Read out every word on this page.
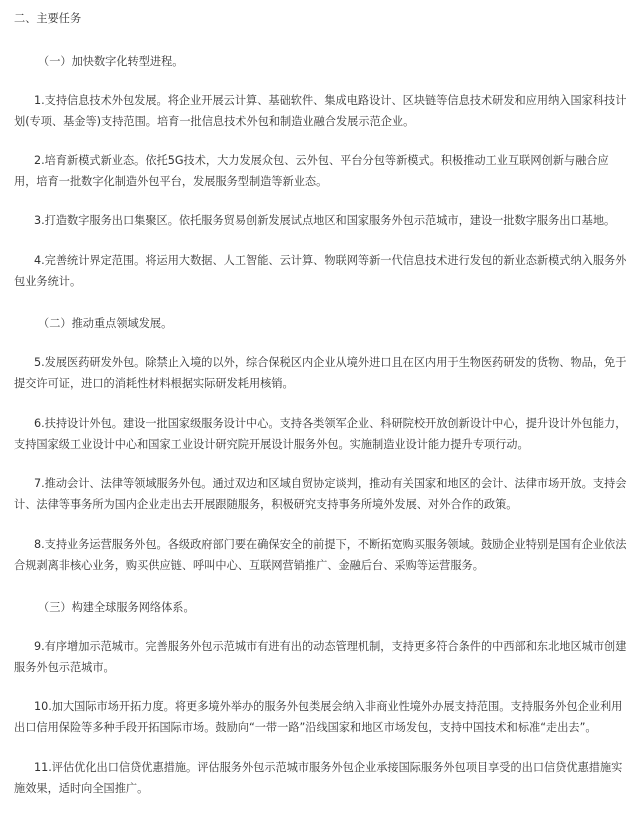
二、主要任务
（一）加快数字化转型进程。
1.支持信息技术外包发展。将企业开展云计算、基础软件、集成电路设计、区块链等信息技术研发和应用纳入国家科技计划(专项、基金等)支持范围。培育一批信息技术外包和制造业融合发展示范企业。
2.培育新模式新业态。依托5G技术，大力发展众包、云外包、平台分包等新模式。积极推动工业互联网创新与融合应用，培育一批数字化制造外包平台，发展服务型制造等新业态。
3.打造数字服务出口集聚区。依托服务贸易创新发展试点地区和国家服务外包示范城市，建设一批数字服务出口基地。
4.完善统计界定范围。将运用大数据、人工智能、云计算、物联网等新一代信息技术进行发包的新业态新模式纳入服务外包业务统计。
（二）推动重点领域发展。
5.发展医药研发外包。除禁止入境的以外，综合保税区内企业从境外进口且在区内用于生物医药研发的货物、物品，免于提交许可证，进口的消耗性材料根据实际研发耗用核销。
6.扶持设计外包。建设一批国家级服务设计中心。支持各类领军企业、科研院校开放创新设计中心，提升设计外包能力，支持国家级工业设计中心和国家工业设计研究院开展设计服务外包。实施制造业设计能力提升专项行动。
7.推动会计、法律等领域服务外包。通过双边和区域自贸协定谈判，推动有关国家和地区的会计、法律市场开放。支持会计、法律等事务所为国内企业走出去开展跟随服务，积极研究支持事务所境外发展、对外合作的政策。
8.支持业务运营服务外包。各级政府部门要在确保安全的前提下，不断拓宽购买服务领域。鼓励企业特别是国有企业依法合规剥离非核心业务，购买供应链、呼叫中心、互联网营销推广、金融后台、采购等运营服务。
（三）构建全球服务网络体系。
9.有序增加示范城市。完善服务外包示范城市有进有出的动态管理机制，支持更多符合条件的中西部和东北地区城市创建服务外包示范城市。
10.加大国际市场开拓力度。将更多境外举办的服务外包类展会纳入非商业性境外办展支持范围。支持服务外包企业利用出口信用保险等多种手段开拓国际市场。鼓励向“一带一路”沿线国家和地区市场发包，支持中国技术和标准“走出去”。
11.评估优化出口信贷优惠措施。评估服务外包示范城市服务外包企业承接国际服务外包项目享受的出口信贷优惠措施实施效果，适时向全国推广。
